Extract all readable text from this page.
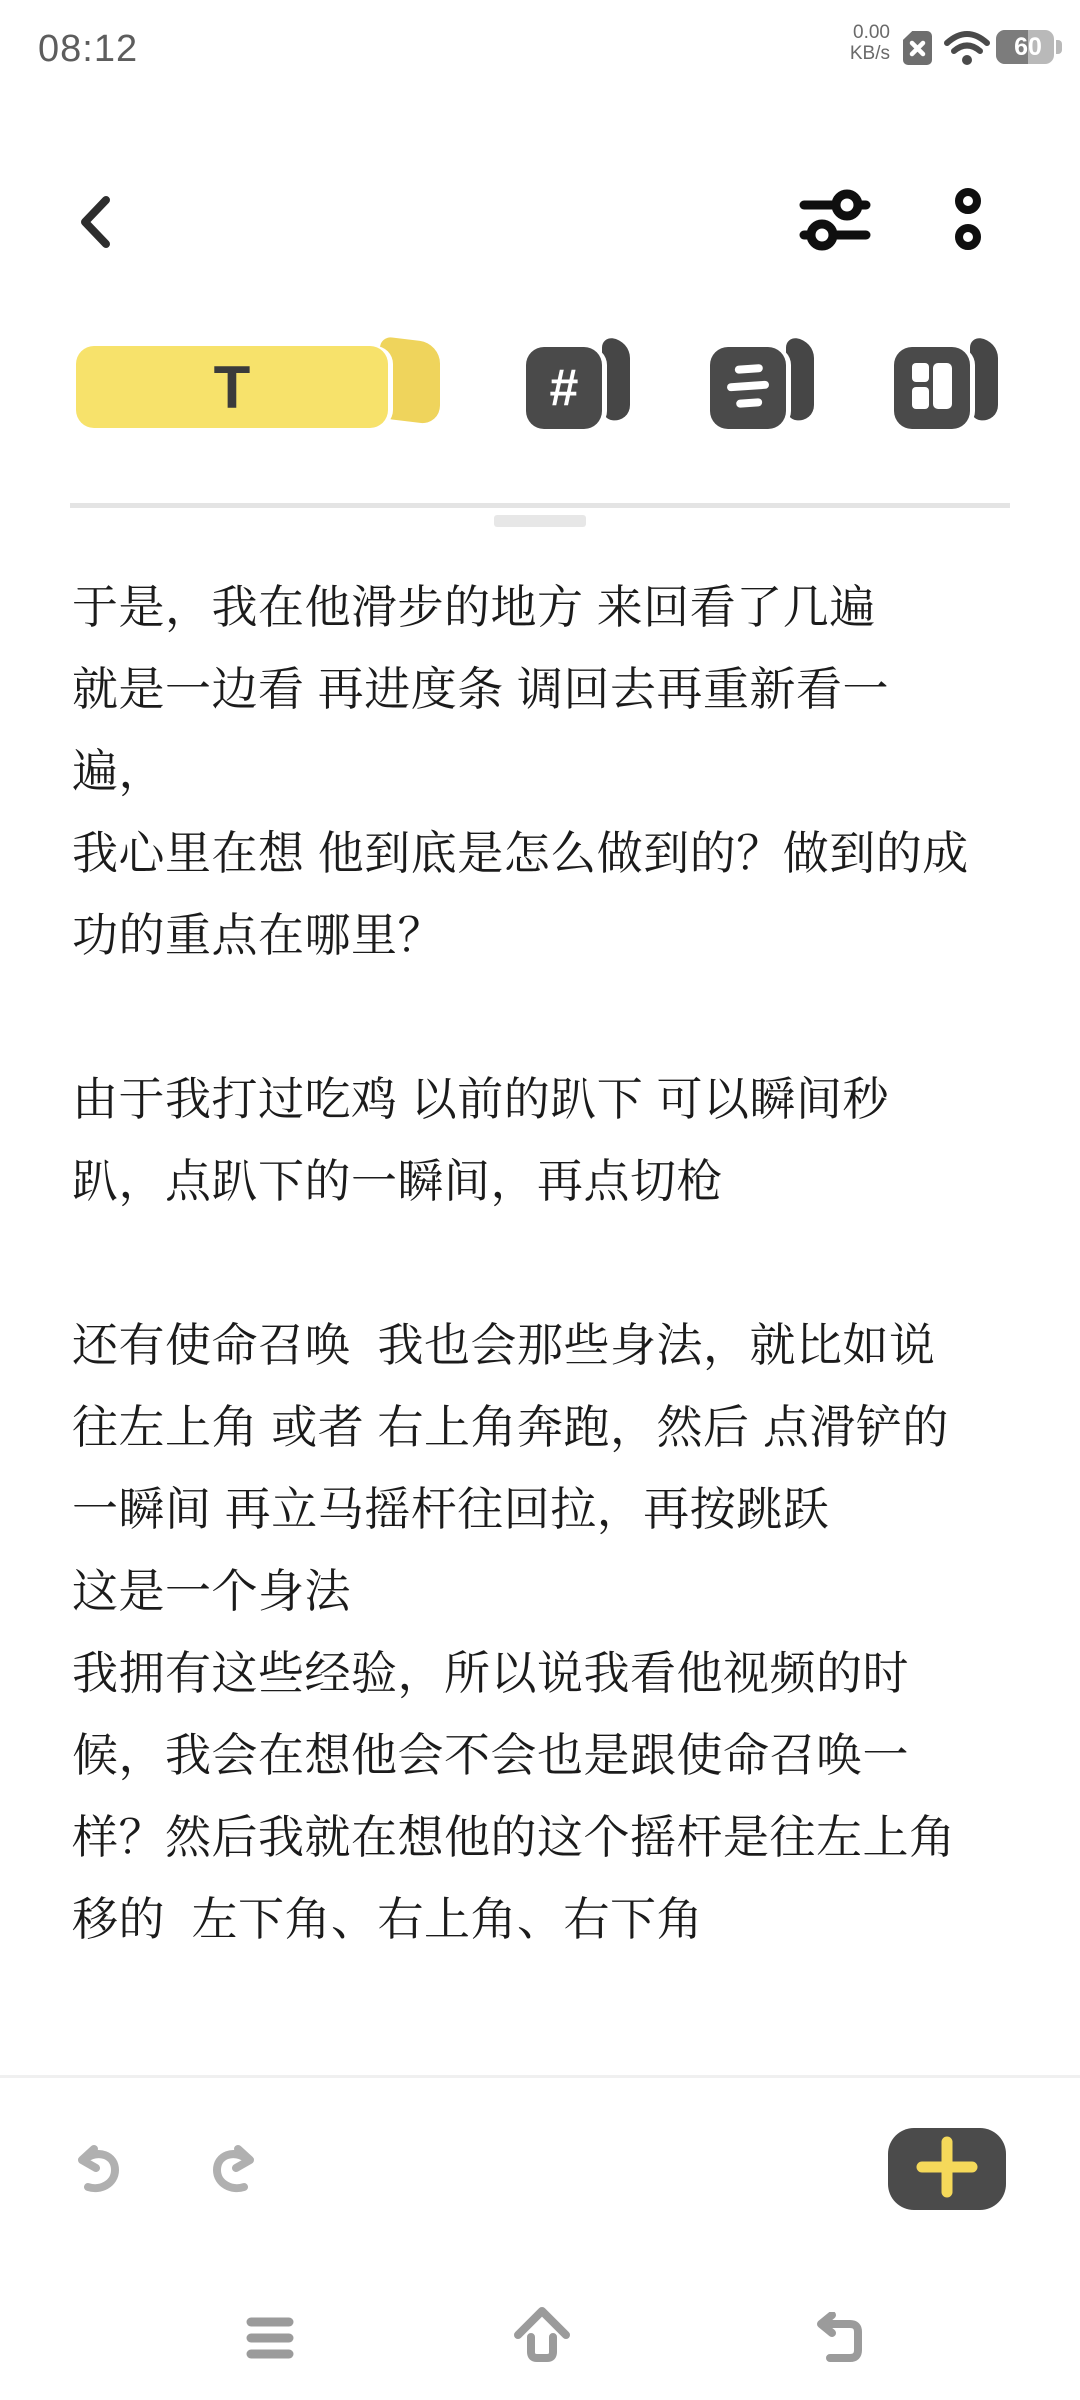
08:12	0.00
KB/s	60
T	#
于是，我在他滑步的地方 来回看了几遍
就是一边看 再进度条 调回去再重新看一
遍，
我心里在想 他到底是怎么做到的？做到的成
功的重点在哪里？
由于我打过吃鸡 以前的趴下 可以瞬间秒
趴，点趴下的一瞬间，再点切枪
还有使命召唤  我也会那些身法，就比如说
往左上角 或者 右上角奔跑，然后 点滑铲的
一瞬间 再立马摇杆往回拉，再按跳跃
这是一个身法
我拥有这些经验，所以说我看他视频的时
候，我会在想他会不会也是跟使命召唤一
样？然后我就在想他的这个摇杆是往左上角
移的  左下角、右上角、右下角
